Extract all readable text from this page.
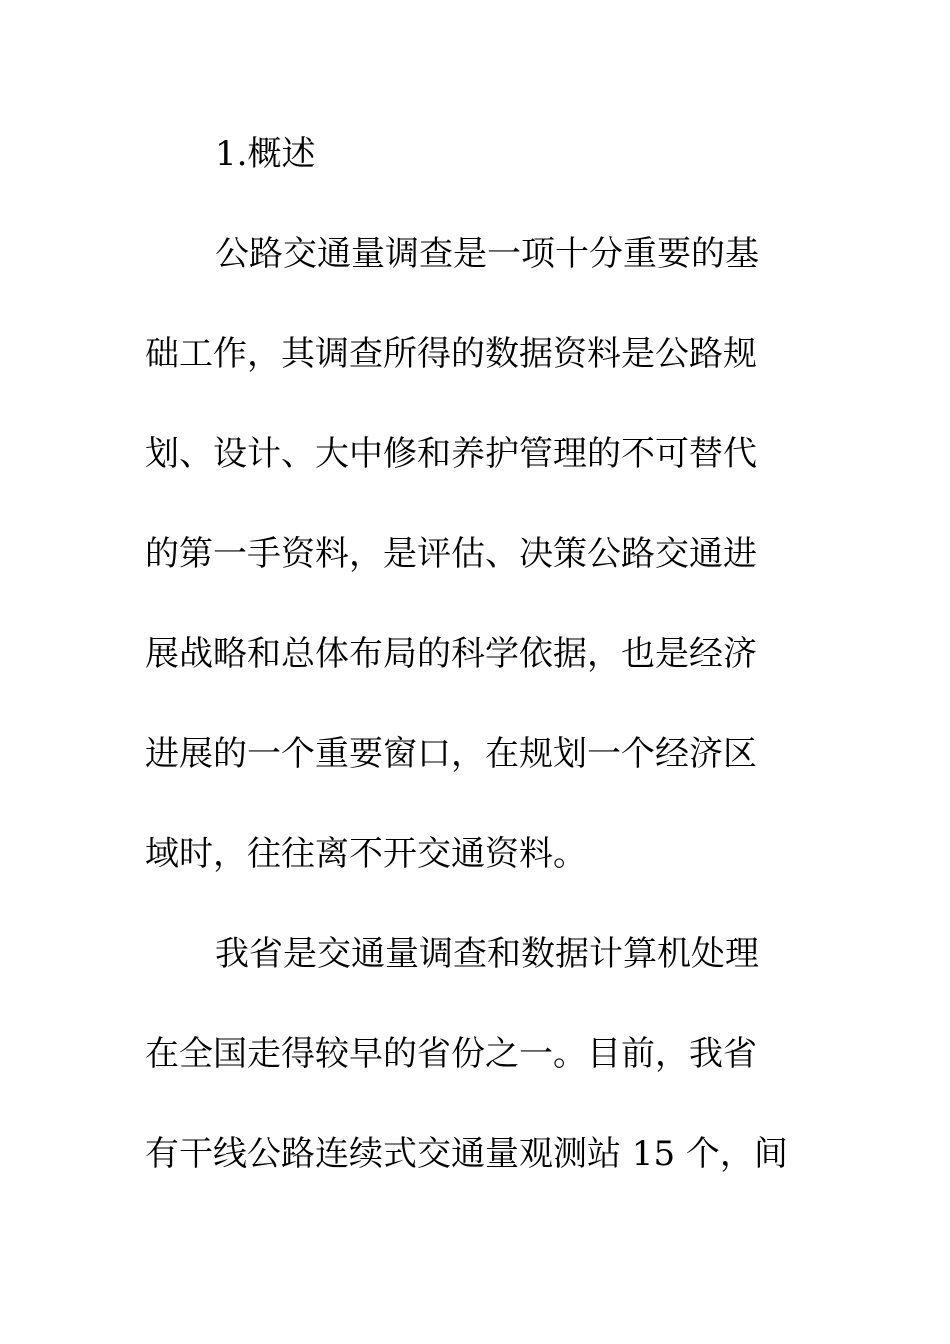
1.概述
公路交通量调查是一项十分重要的基
础工作，其调查所得的数据资料是公路规
划、设计、大中修和养护管理的不可替代
的第一手资料，是评估、决策公路交通进
展战略和总体布局的科学依据，也是经济
进展的一个重要窗口，在规划一个经济区
域时，往往离不开交通资料。
我省是交通量调查和数据计算机处理
在全国走得较早的省份之一。目前，我省
有干线公路连续式交通量观测站 15 个，间
